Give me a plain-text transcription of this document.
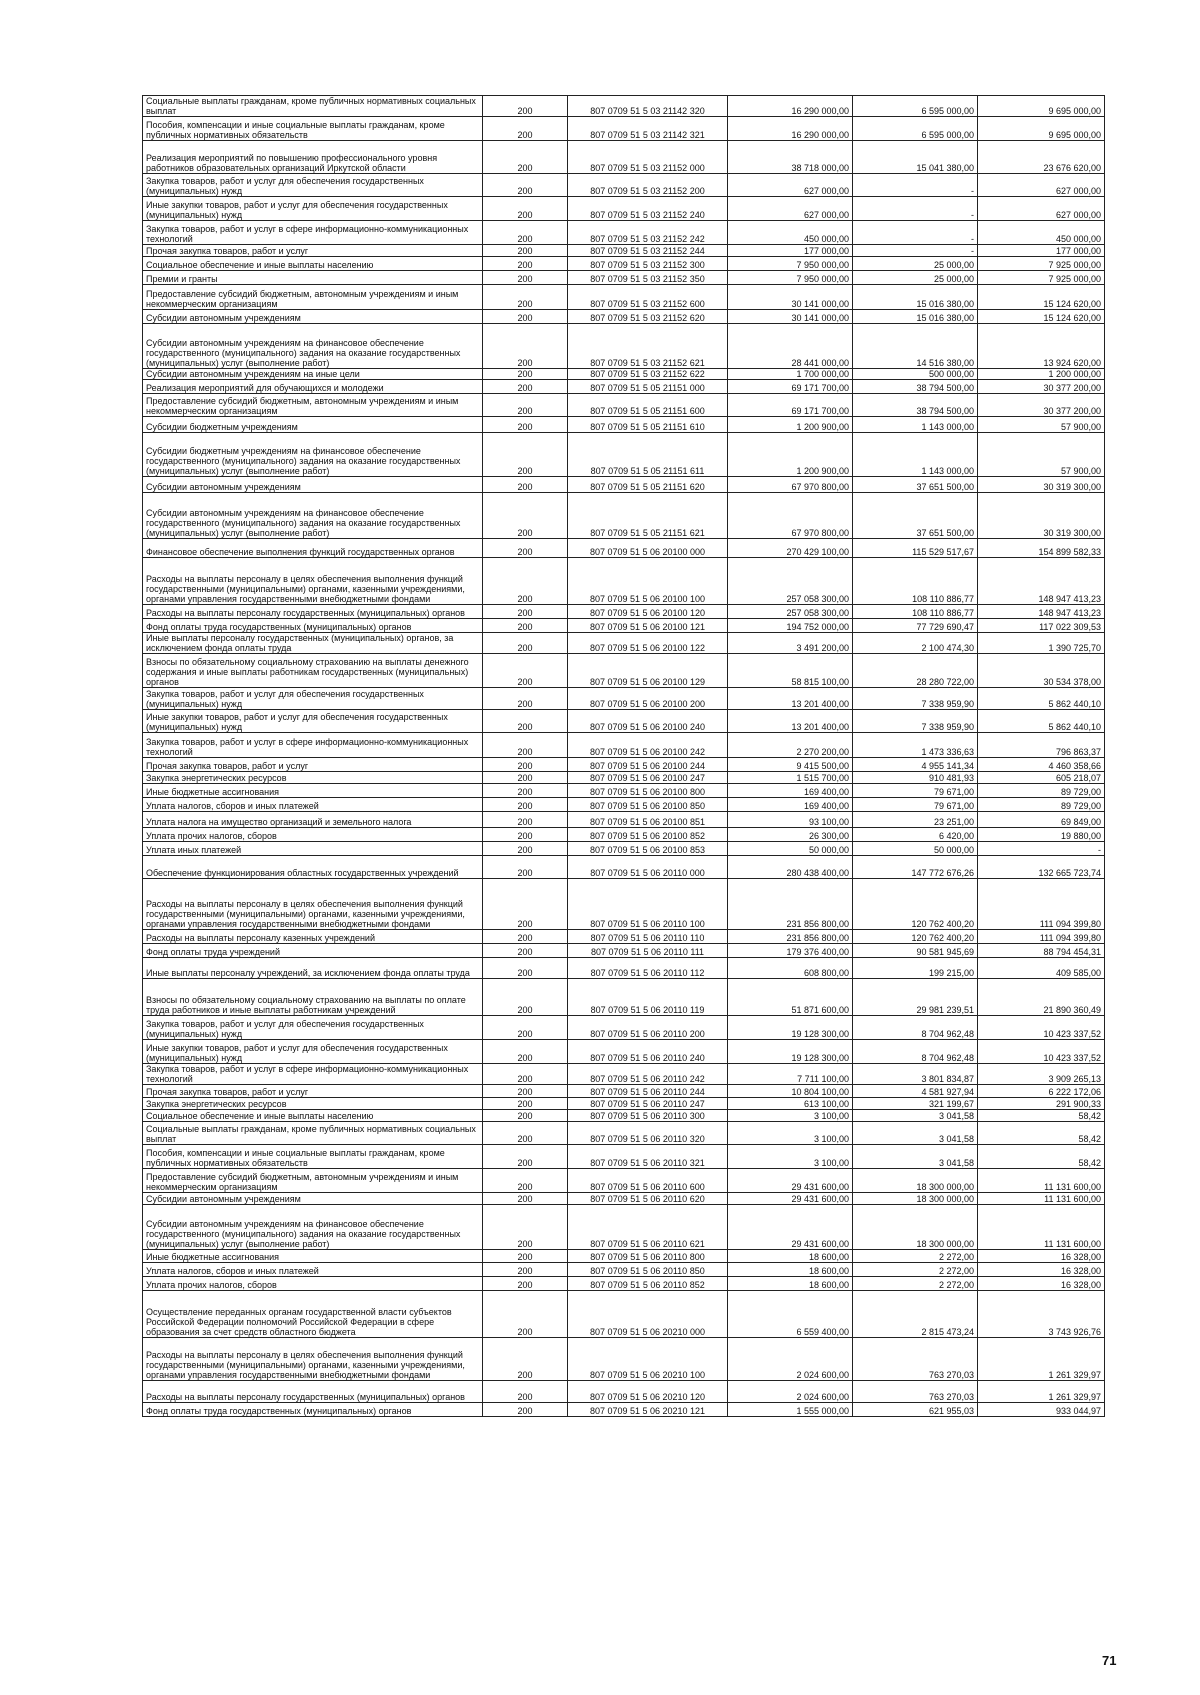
Социальные выплаты гражданам, кроме публичных нормативных социальных выплат	200	807 0709 51 5 03 21142 320	16 290 000,00	6 595 000,00	9 695 000,00
Пособия, компенсации и иные социальные выплаты гражданам, кроме публичных нормативных обязательств	200	807 0709 51 5 03 21142 321	16 290 000,00	6 595 000,00	9 695 000,00
Реализация мероприятий по повышению профессионального уровня работников образовательных организаций Иркутской области	200	807 0709 51 5 03 21152 000	38 718 000,00	15 041 380,00	23 676 620,00
Закупка товаров, работ и услуг для обеспечения государственных (муниципальных) нужд	200	807 0709 51 5 03 21152 200	627 000,00	-	627 000,00
Иные закупки товаров, работ и услуг для обеспечения государственных (муниципальных) нужд	200	807 0709 51 5 03 21152 240	627 000,00	-	627 000,00
Закупка товаров, работ и услуг в сфере информационно-коммуникационных технологий	200	807 0709 51 5 03 21152 242	450 000,00	-	450 000,00
Прочая закупка товаров, работ и услуг	200	807 0709 51 5 03 21152 244	177 000,00	-	177 000,00
Социальное обеспечение и иные выплаты населению	200	807 0709 51 5 03 21152 300	7 950 000,00	25 000,00	7 925 000,00
Премии и гранты	200	807 0709 51 5 03 21152 350	7 950 000,00	25 000,00	7 925 000,00
Предоставление субсидий бюджетным, автономным учреждениям и иным некоммерческим организациям	200	807 0709 51 5 03 21152 600	30 141 000,00	15 016 380,00	15 124 620,00
Субсидии автономным учреждениям	200	807 0709 51 5 03 21152 620	30 141 000,00	15 016 380,00	15 124 620,00
Субсидии автономным учреждениям на финансовое обеспечение государственного (муниципального) задания на оказание государственных (муниципальных) услуг (выполнение работ)	200	807 0709 51 5 03 21152 621	28 441 000,00	14 516 380,00	13 924 620,00
Субсидии автономным учреждениям на иные цели	200	807 0709 51 5 03 21152 622	1 700 000,00	500 000,00	1 200 000,00
Реализация мероприятий для обучающихся и молодежи	200	807 0709 51 5 05 21151 000	69 171 700,00	38 794 500,00	30 377 200,00
Предоставление субсидий бюджетным, автономным учреждениям и иным некоммерческим организациям	200	807 0709 51 5 05 21151 600	69 171 700,00	38 794 500,00	30 377 200,00
Субсидии бюджетным учреждениям	200	807 0709 51 5 05 21151 610	1 200 900,00	1 143 000,00	57 900,00
Субсидии бюджетным учреждениям на финансовое обеспечение государственного (муниципального) задания на оказание государственных (муниципальных) услуг (выполнение работ)	200	807 0709 51 5 05 21151 611	1 200 900,00	1 143 000,00	57 900,00
Субсидии автономным учреждениям	200	807 0709 51 5 05 21151 620	67 970 800,00	37 651 500,00	30 319 300,00
Субсидии автономным учреждениям на финансовое обеспечение государственного (муниципального) задания на оказание государственных (муниципальных) услуг (выполнение работ)	200	807 0709 51 5 05 21151 621	67 970 800,00	37 651 500,00	30 319 300,00
Финансовое обеспечение выполнения функций государственных органов	200	807 0709 51 5 06 20100 000	270 429 100,00	115 529 517,67	154 899 582,33
Расходы на выплаты персоналу в целях обеспечения выполнения функций государственными (муниципальными) органами, казенными учреждениями, органами управления государственными внебюджетными фондами	200	807 0709 51 5 06 20100 100	257 058 300,00	108 110 886,77	148 947 413,23
Расходы на выплаты персоналу государственных (муниципальных) органов	200	807 0709 51 5 06 20100 120	257 058 300,00	108 110 886,77	148 947 413,23
Фонд оплаты труда государственных (муниципальных) органов	200	807 0709 51 5 06 20100 121	194 752 000,00	77 729 690,47	117 022 309,53
Иные выплаты персоналу государственных (муниципальных) органов, за исключением фонда оплаты труда	200	807 0709 51 5 06 20100 122	3 491 200,00	2 100 474,30	1 390 725,70
Взносы по обязательному социальному страхованию на выплаты денежного содержания и иные выплаты работникам государственных (муниципальных) органов	200	807 0709 51 5 06 20100 129	58 815 100,00	28 280 722,00	30 534 378,00
Закупка товаров, работ и услуг для обеспечения государственных (муниципальных) нужд	200	807 0709 51 5 06 20100 200	13 201 400,00	7 338 959,90	5 862 440,10
Иные закупки товаров, работ и услуг для обеспечения государственных (муниципальных) нужд	200	807 0709 51 5 06 20100 240	13 201 400,00	7 338 959,90	5 862 440,10
Закупка товаров, работ и услуг в сфере информационно-коммуникационных технологий	200	807 0709 51 5 06 20100 242	2 270 200,00	1 473 336,63	796 863,37
Прочая закупка товаров, работ и услуг	200	807 0709 51 5 06 20100 244	9 415 500,00	4 955 141,34	4 460 358,66
Закупка энергетических ресурсов	200	807 0709 51 5 06 20100 247	1 515 700,00	910 481,93	605 218,07
Иные бюджетные ассигнования	200	807 0709 51 5 06 20100 800	169 400,00	79 671,00	89 729,00
Уплата налогов, сборов и иных платежей	200	807 0709 51 5 06 20100 850	169 400,00	79 671,00	89 729,00
Уплата налога на имущество организаций и земельного налога	200	807 0709 51 5 06 20100 851	93 100,00	23 251,00	69 849,00
Уплата прочих налогов, сборов	200	807 0709 51 5 06 20100 852	26 300,00	6 420,00	19 880,00
Уплата иных платежей	200	807 0709 51 5 06 20100 853	50 000,00	50 000,00	-
Обеспечение функционирования областных государственных учреждений	200	807 0709 51 5 06 20110 000	280 438 400,00	147 772 676,26	132 665 723,74
Расходы на выплаты персоналу в целях обеспечения выполнения функций государственными (муниципальными) органами, казенными учреждениями, органами управления государственными внебюджетными фондами	200	807 0709 51 5 06 20110 100	231 856 800,00	120 762 400,20	111 094 399,80
Расходы на выплаты персоналу казенных учреждений	200	807 0709 51 5 06 20110 110	231 856 800,00	120 762 400,20	111 094 399,80
Фонд оплаты труда учреждений	200	807 0709 51 5 06 20110 111	179 376 400,00	90 581 945,69	88 794 454,31
Иные выплаты персоналу учреждений, за исключением фонда оплаты труда	200	807 0709 51 5 06 20110 112	608 800,00	199 215,00	409 585,00
Взносы по обязательному социальному страхованию на выплаты по оплате труда работников и иные выплаты работникам учреждений	200	807 0709 51 5 06 20110 119	51 871 600,00	29 981 239,51	21 890 360,49
Закупка товаров, работ и услуг для обеспечения государственных (муниципальных) нужд	200	807 0709 51 5 06 20110 200	19 128 300,00	8 704 962,48	10 423 337,52
Иные закупки товаров, работ и услуг для обеспечения государственных (муниципальных) нужд	200	807 0709 51 5 06 20110 240	19 128 300,00	8 704 962,48	10 423 337,52
Закупка товаров, работ и услуг в сфере информационно-коммуникационных технологий	200	807 0709 51 5 06 20110 242	7 711 100,00	3 801 834,87	3 909 265,13
Прочая закупка товаров, работ и услуг	200	807 0709 51 5 06 20110 244	10 804 100,00	4 581 927,94	6 222 172,06
Закупка энергетических ресурсов	200	807 0709 51 5 06 20110 247	613 100,00	321 199,67	291 900,33
Социальное обеспечение и иные выплаты населению	200	807 0709 51 5 06 20110 300	3 100,00	3 041,58	58,42
Социальные выплаты гражданам, кроме публичных нормативных социальных выплат	200	807 0709 51 5 06 20110 320	3 100,00	3 041,58	58,42
Пособия, компенсации и иные социальные выплаты гражданам, кроме публичных нормативных обязательств	200	807 0709 51 5 06 20110 321	3 100,00	3 041,58	58,42
Предоставление субсидий бюджетным, автономным учреждениям и иным некоммерческим организациям	200	807 0709 51 5 06 20110 600	29 431 600,00	18 300 000,00	11 131 600,00
Субсидии автономным учреждениям	200	807 0709 51 5 06 20110 620	29 431 600,00	18 300 000,00	11 131 600,00
Субсидии автономным учреждениям на финансовое обеспечение государственного (муниципального) задания на оказание государственных (муниципальных) услуг (выполнение работ)	200	807 0709 51 5 06 20110 621	29 431 600,00	18 300 000,00	11 131 600,00
Иные бюджетные ассигнования	200	807 0709 51 5 06 20110 800	18 600,00	2 272,00	16 328,00
Уплата налогов, сборов и иных платежей	200	807 0709 51 5 06 20110 850	18 600,00	2 272,00	16 328,00
Уплата прочих налогов, сборов	200	807 0709 51 5 06 20110 852	18 600,00	2 272,00	16 328,00
Осуществление переданных органам государственной власти субъектов Российской Федерации полномочий Российской Федерации в сфере образования за счет средств областного бюджета	200	807 0709 51 5 06 20210 000	6 559 400,00	2 815 473,24	3 743 926,76
Расходы на выплаты персоналу в целях обеспечения выполнения функций государственными (муниципальными) органами, казенными учреждениями, органами управления государственными внебюджетными фондами	200	807 0709 51 5 06 20210 100	2 024 600,00	763 270,03	1 261 329,97
Расходы на выплаты персоналу государственных (муниципальных) органов	200	807 0709 51 5 06 20210 120	2 024 600,00	763 270,03	1 261 329,97
Фонд оплаты труда государственных (муниципальных) органов	200	807 0709 51 5 06 20210 121	1 555 000,00	621 955,03	933 044,97
71
